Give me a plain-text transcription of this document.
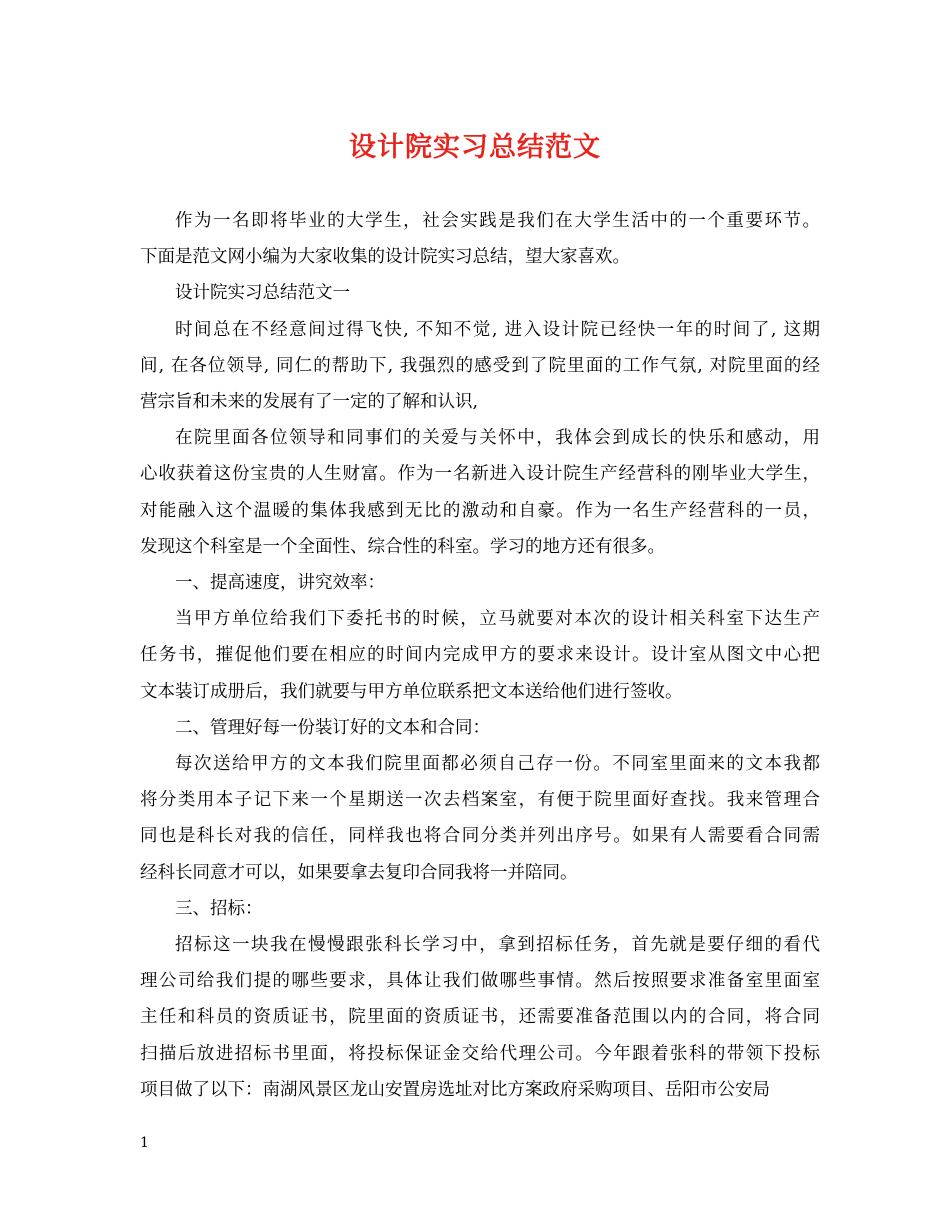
设计院实习总结范文
作为一名即将毕业的大学生，社会实践是我们在大学生活中的一个重要环节。
下面是范文网小编为大家收集的设计院实习总结，望大家喜欢。
设计院实习总结范文一
时间总在不经意间过得飞快, 不知不觉, 进入设计院已经快一年的时间了, 这期
间, 在各位领导, 同仁的帮助下, 我强烈的感受到了院里面的工作气氛, 对院里面的经
营宗旨和未来的发展有了一定的了解和认识,
在院里面各位领导和同事们的关爱与关怀中，我体会到成长的快乐和感动，用
心收获着这份宝贵的人生财富。作为一名新进入设计院生产经营科的刚毕业大学生，
对能融入这个温暖的集体我感到无比的激动和自豪。作为一名生产经营科的一员，
发现这个科室是一个全面性、综合性的科室。学习的地方还有很多。
一、提高速度，讲究效率：
当甲方单位给我们下委托书的时候，立马就要对本次的设计相关科室下达生产
任务书，摧促他们要在相应的时间内完成甲方的要求来设计。设计室从图文中心把
文本装订成册后，我们就要与甲方单位联系把文本送给他们进行签收。
二、管理好每一份装订好的文本和合同：
每次送给甲方的文本我们院里面都必须自己存一份。不同室里面来的文本我都
将分类用本子记下来一个星期送一次去档案室，有便于院里面好查找。我来管理合
同也是科长对我的信任，同样我也将合同分类并列出序号。如果有人需要看合同需
经科长同意才可以，如果要拿去复印合同我将一并陪同。
三、招标：
招标这一块我在慢慢跟张科长学习中，拿到招标任务，首先就是要仔细的看代
理公司给我们提的哪些要求，具体让我们做哪些事情。然后按照要求准备室里面室
主任和科员的资质证书，院里面的资质证书，还需要准备范围以内的合同，将合同
扫描后放进招标书里面，将投标保证金交给代理公司。今年跟着张科的带领下投标
项目做了以下：南湖风景区龙山安置房选址对比方案政府采购项目、岳阳市公安局
1
